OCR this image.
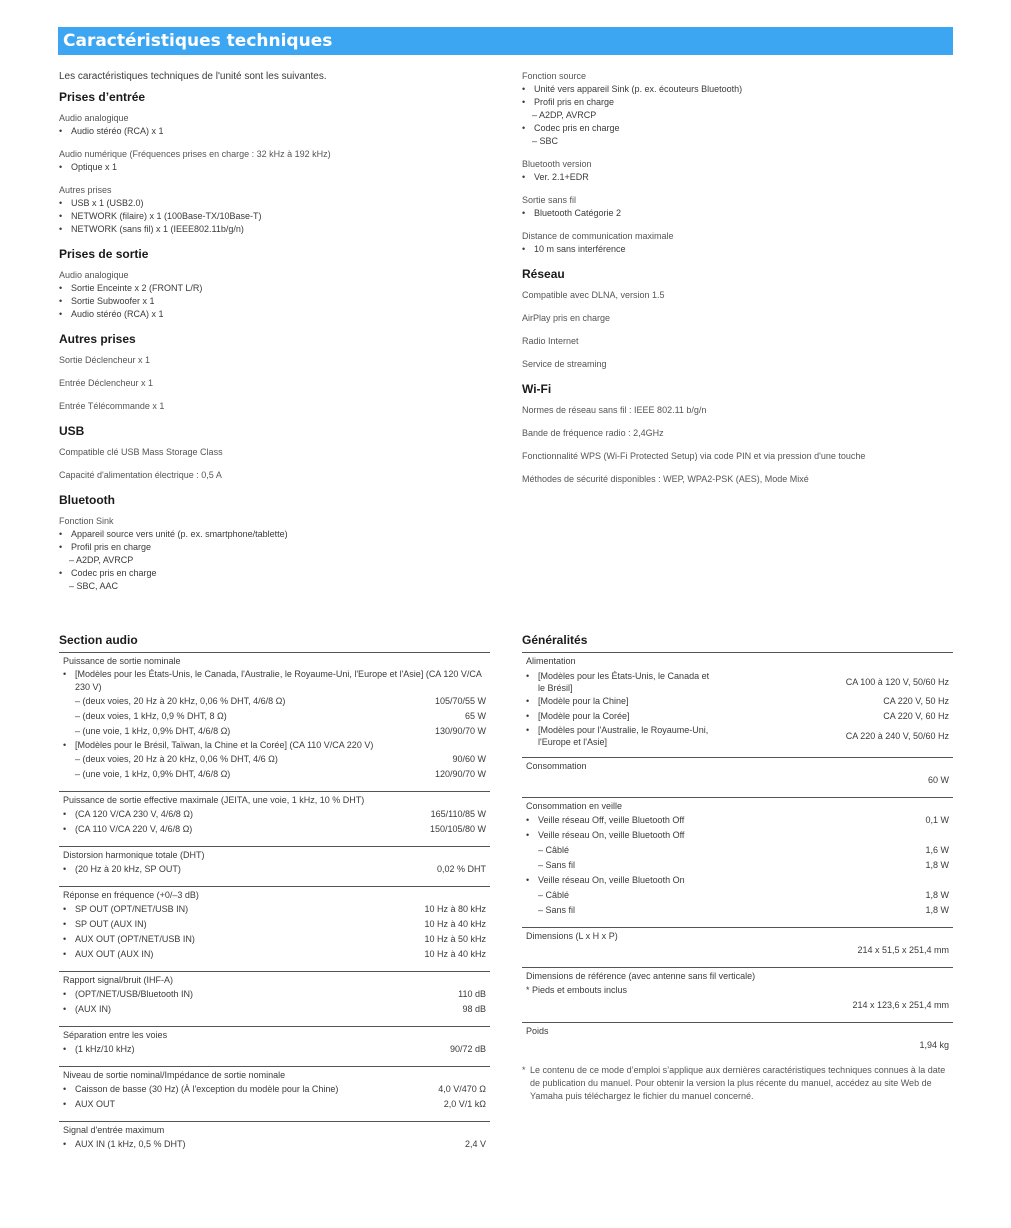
Caractéristiques techniques

Les caractéristiques techniques de l'unité sont les suivantes.

Prises d’entrée

Audio analogique

• Audio stéréo (RCA) x 1

Audio numérique (Fréquences prises en charge : 32 kHz à 192 kHz)

• Optique x 1

Autres prises

• USB x 1 (USB2.0)
• NETWORK (filaire) x 1 (100Base-TX/10Base-T)
• NETWORK (sans fil) x 1 (IEEE802.11b/g/n)
Prises de sortie

Audio analogique

• Sortie Enceinte x 2 (FRONT L/R)
• Sortie Subwoofer x 1
• Audio stéréo (RCA) x 1
Autres prises

Sortie Déclencheur x 1

Entrée Déclencheur x 1

Entrée Télécommande x 1

USB

Compatible clé USB Mass Storage Class

Capacité d'alimentation électrique : 0,5 A

Bluetooth

Fonction Sink

• Appareil source vers unité (p. ex. smartphone/tablette)
• Profil pris en charge
– A2DP, AVRCP
• Codec pris en charge
– SBC, AAC

Fonction source

• Unité vers appareil Sink (p. ex. écouteurs Bluetooth)
• Profil pris en charge
– A2DP, AVRCP
• Codec pris en charge
– SBC

Bluetooth version

• Ver. 2.1+EDR

Sortie sans fil

• Bluetooth Catégorie 2

Distance de communication maximale

• 10 m sans interférence
Réseau

Compatible avec DLNA, version 1.5

AirPlay pris en charge

Radio Internet

Service de streaming

Wi-Fi

Normes de réseau sans fil : IEEE 802.11 b/g/n

Bande de fréquence radio : 2,4GHz

Fonctionnalité WPS (Wi-Fi Protected Setup) via code PIN et via pression d'une touche

Méthodes de sécurité disponibles : WEP, WPA2-PSK (AES), Mode Mixé

Section audio
Puissance de sortie nominale
• [Modèles pour les États-Unis, le Canada, l'Australie, le Royaume-Uni, l'Europe et l'Asie] (CA 120 V/CA 230 V)
– (deux voies, 20 Hz à 20 kHz, 0,06 % DHT, 4/6/8 Ω)	105/70/55 W
– (deux voies, 1 kHz, 0,9 % DHT, 8 Ω)	65 W
– (une voie, 1 kHz, 0,9% DHT, 4/6/8 Ω)	130/90/70 W
• [Modèles pour le Brésil, Taïwan, la Chine et la Corée] (CA 110 V/CA 220 V)
– (deux voies, 20 Hz à 20 kHz, 0,06 % DHT, 4/6 Ω)	90/60 W
– (une voie, 1 kHz, 0,9% DHT, 4/6/8 Ω)	120/90/70 W
Puissance de sortie effective maximale (JEITA, une voie, 1 kHz, 10 % DHT)
• (CA 120 V/CA 230 V, 4/6/8 Ω)	165/110/85 W
• (CA 110 V/CA 220 V, 4/6/8 Ω)	150/105/80 W
Distorsion harmonique totale (DHT)
• (20 Hz à 20 kHz, SP OUT)	0,02 % DHT
Réponse en fréquence (+0/–3 dB)
• SP OUT (OPT/NET/USB IN)	10 Hz à 80 kHz
• SP OUT (AUX IN)	10 Hz à 40 kHz
• AUX OUT (OPT/NET/USB IN)	10 Hz à 50 kHz
• AUX OUT (AUX IN)	10 Hz à 40 kHz
Rapport signal/bruit (IHF-A)
• (OPT/NET/USB/Bluetooth IN)	110 dB
• (AUX IN)	98 dB
Séparation entre les voies
• (1 kHz/10 kHz)	90/72 dB
Niveau de sortie nominal/Impédance de sortie nominale
• Caisson de basse (30 Hz) (À l'exception du modèle pour la Chine)	4,0 V/470 Ω
• AUX OUT	2,0 V/1 kΩ
Signal d'entrée maximum
• AUX IN (1 kHz, 0,5 % DHT)	2,4 V
Généralités
Alimentation
• [Modèles pour les États-Unis, le Canada et le Brésil]
CA 100 à 120 V, 50/60 Hz
• [Modèle pour la Chine]	CA 220 V, 50 Hz
• [Modèle pour la Corée]	CA 220 V, 60 Hz
• [Modèles pour l'Australie, le Royaume-Uni, l'Europe et l'Asie]
CA 220 à 240 V, 50/60 Hz
Consommation
60 W
Consommation en veille
• Veille réseau Off, veille Bluetooth Off	0,1 W
• Veille réseau On, veille Bluetooth Off
– Câblé	1,6 W
– Sans fil	1,8 W
• Veille réseau On, veille Bluetooth On
– Câblé	1,8 W
– Sans fil	1,8 W
Dimensions (L x H x P)
214 x 51,5 x 251,4 mm
Dimensions de référence (avec antenne sans fil verticale)
* Pieds et embouts inclus
214 x 123,6 x 251,4 mm
Poids
1,94 kg
* Le contenu de ce mode d’emploi s’applique aux dernières caractéristiques techniques connues à la date de publication du manuel. Pour obtenir la version la plus récente du manuel, accédez au site Web de Yamaha puis téléchargez le fichier du manuel concerné.
